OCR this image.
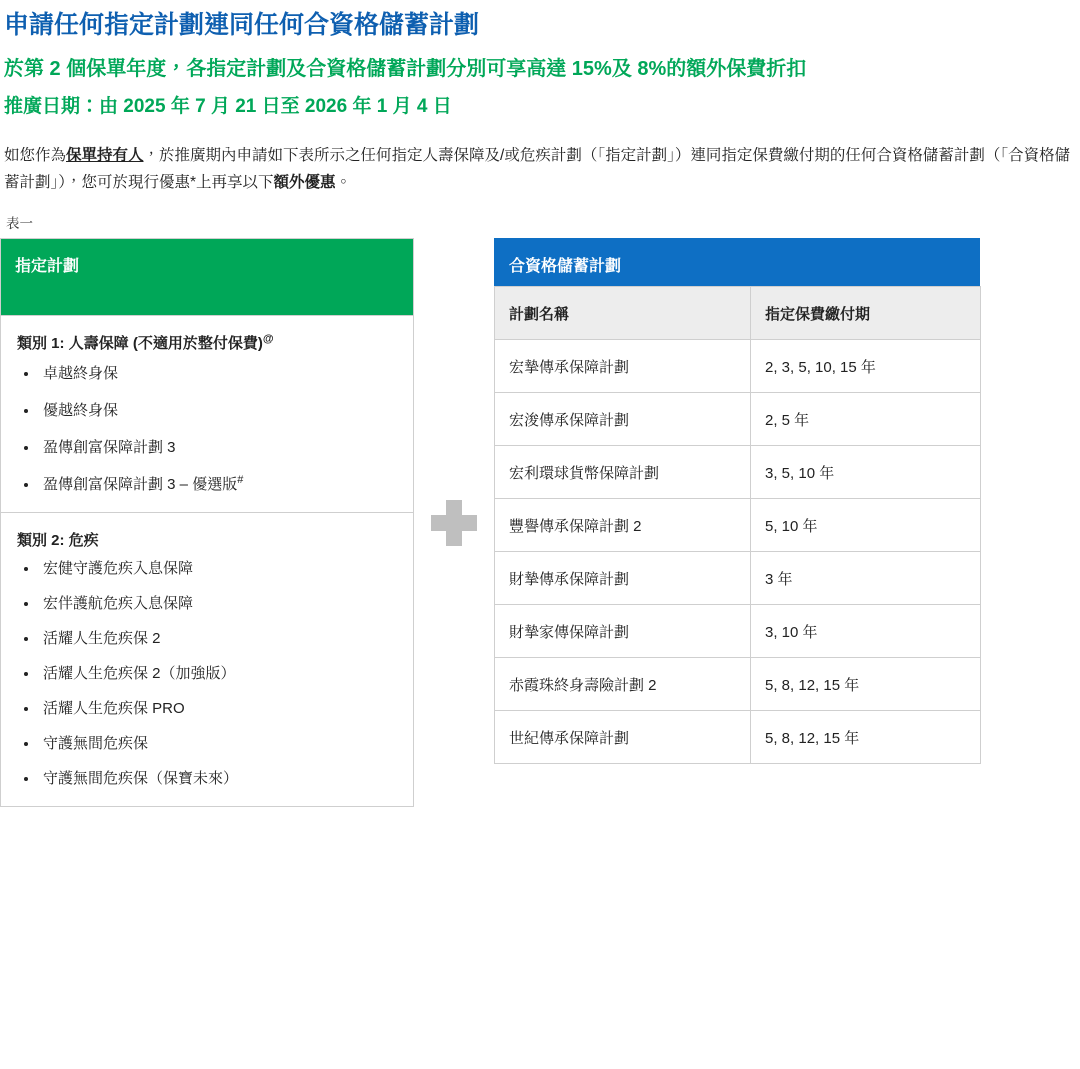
申請任何指定計劃連同任何合資格儲蓄計劃
於第 2 個保單年度，各指定計劃及合資格儲蓄計劃分別可享高達 15%及 8%的額外保費折扣
推廣日期：由 2025 年 7 月 21 日至 2026 年 1 月 4 日

如您作為保單持有人，於推廣期內申請如下表所示之任何指定人壽保障及/或危疾計劃（「指定計劃」）連同指定保費繳付期的任何合資格儲蓄計劃（「合資格儲蓄計劃」），您可於現行優惠*上再享以下額外優惠。

表一
指定計劃
類別 1: 人壽保障 (不適用於整付保費)@
• 卓越終身保
• 優越終身保
• 盈傳創富保障計劃 3
• 盈傳創富保障計劃 3 – 優選版#
類別 2: 危疾
• 宏健守護危疾入息保障
• 宏伴護航危疾入息保障
• 活耀人生危疾保 2
• 活耀人生危疾保 2（加強版）
• 活耀人生危疾保 PRO
• 守護無間危疾保
• 守護無間危疾保（保寶未來）
合資格儲蓄計劃
計劃名稱	指定保費繳付期
宏摯傳承保障計劃	2, 3, 5, 10, 15 年
宏浚傳承保障計劃	2, 5 年
宏利環球貨幣保障計劃	3, 5, 10 年
豐譽傳承保障計劃 2	5, 10 年
財摯傳承保障計劃	3 年
財摯家傳保障計劃	3, 10 年
赤霞珠終身壽險計劃 2	5, 8, 12, 15 年
世紀傳承保障計劃	5, 8, 12, 15 年
